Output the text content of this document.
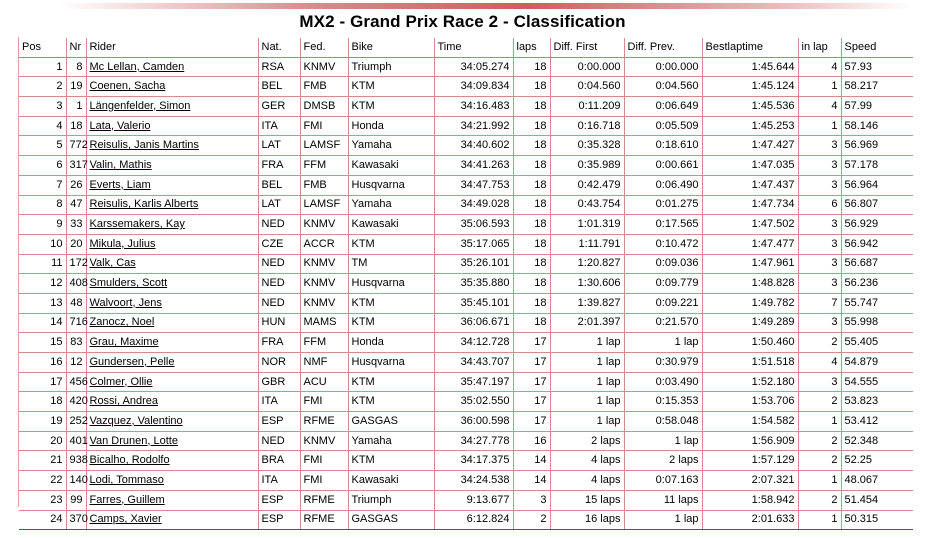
MX2 - Grand Prix Race 2 - Classification
Pos	Nr	Rider	Nat.	Fed.	Bike	Time	laps	Diff. First	Diff. Prev.	Bestlaptime	in lap	Speed
1	8	Mc Lellan, Camden	RSA	KNMV	Triumph	34:05.274	18	0:00.000	0:00.000	1:45.644	4	57.93
2	19	Coenen, Sacha	BEL	FMB	KTM	34:09.834	18	0:04.560	0:04.560	1:45.124	1	58.217
3	1	Längenfelder, Simon	GER	DMSB	KTM	34:16.483	18	0:11.209	0:06.649	1:45.536	4	57.99
4	18	Lata, Valerio	ITA	FMI	Honda	34:21.992	18	0:16.718	0:05.509	1:45.253	1	58.146
5	772	Reisulis, Janis Martins	LAT	LAMSF	Yamaha	34:40.602	18	0:35.328	0:18.610	1:47.427	3	56.969
6	317	Valin, Mathis	FRA	FFM	Kawasaki	34:41.263	18	0:35.989	0:00.661	1:47.035	3	57.178
7	26	Everts, Liam	BEL	FMB	Husqvarna	34:47.753	18	0:42.479	0:06.490	1:47.437	3	56.964
8	47	Reisulis, Karlis Alberts	LAT	LAMSF	Yamaha	34:49.028	18	0:43.754	0:01.275	1:47.734	6	56.807
9	33	Karssemakers, Kay	NED	KNMV	Kawasaki	35:06.593	18	1:01.319	0:17.565	1:47.502	3	56.929
10	20	Mikula, Julius	CZE	ACCR	KTM	35:17.065	18	1:11.791	0:10.472	1:47.477	3	56.942
11	172	Valk, Cas	NED	KNMV	TM	35:26.101	18	1:20.827	0:09.036	1:47.961	3	56.687
12	408	Smulders, Scott	NED	KNMV	Husqvarna	35:35.880	18	1:30.606	0:09.779	1:48.828	3	56.236
13	48	Walvoort, Jens	NED	KNMV	KTM	35:45.101	18	1:39.827	0:09.221	1:49.782	7	55.747
14	716	Zanocz, Noel	HUN	MAMS	KTM	36:06.671	18	2:01.397	0:21.570	1:49.289	3	55.998
15	83	Grau, Maxime	FRA	FFM	Honda	34:12.728	17	1 lap	1 lap	1:50.460	2	55.405
16	12	Gundersen, Pelle	NOR	NMF	Husqvarna	34:43.707	17	1 lap	0:30.979	1:51.518	4	54.879
17	456	Colmer, Ollie	GBR	ACU	KTM	35:47.197	17	1 lap	0:03.490	1:52.180	3	54.555
18	420	Rossi, Andrea	ITA	FMI	KTM	35:02.550	17	1 lap	0:15.353	1:53.706	2	53.823
19	252	Vazquez, Valentino	ESP	RFME	GASGAS	36:00.598	17	1 lap	0:58.048	1:54.582	1	53.412
20	401	Van Drunen, Lotte	NED	KNMV	Yamaha	34:27.778	16	2 laps	1 lap	1:56.909	2	52.348
21	938	Bicalho, Rodolfo	BRA	FMI	KTM	34:17.375	14	4 laps	2 laps	1:57.129	2	52.25
22	140	Lodi, Tommaso	ITA	FMI	Kawasaki	34:24.538	14	4 laps	0:07.163	2:07.321	1	48.067
23	99	Farres, Guillem	ESP	RFME	Triumph	9:13.677	3	15 laps	11 laps	1:58.942	2	51.454
24	370	Camps, Xavier	ESP	RFME	GASGAS	6:12.824	2	16 laps	1 lap	2:01.633	1	50.315
